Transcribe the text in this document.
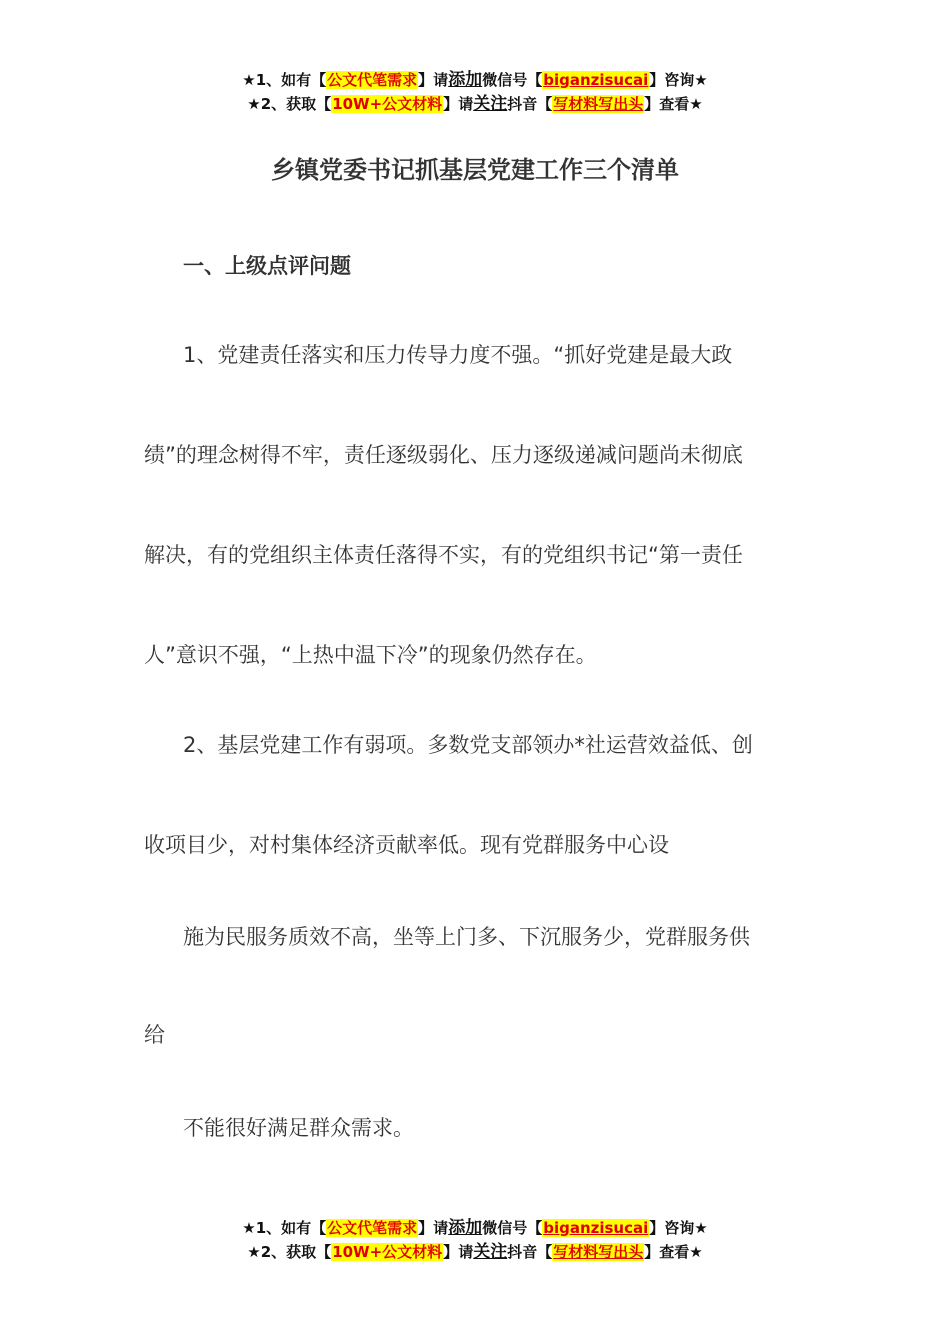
★1、如有【公文代笔需求】请添加微信号【biganzisucai】咨询★
★2、获取【10W+公文材料】请关注抖音【写材料写出头】查看★
乡镇党委书记抓基层党建工作三个清单
一、上级点评问题
1、党建责任落实和压力传导力度不强。“抓好党建是最大政
绩”的理念树得不牢，责任逐级弱化、压力逐级递减问题尚未彻底
解决，有的党组织主体责任落得不实，有的党组织书记“第一责任
人”意识不强，“上热中温下冷”的现象仍然存在。
2、基层党建工作有弱项。多数党支部领办*社运营效益低、创
收项目少，对村集体经济贡献率低。现有党群服务中心设
施为民服务质效不高，坐等上门多、下沉服务少，党群服务供
给
不能很好满足群众需求。
★1、如有【公文代笔需求】请添加微信号【biganzisucai】咨询★
★2、获取【10W+公文材料】请关注抖音【写材料写出头】查看★
